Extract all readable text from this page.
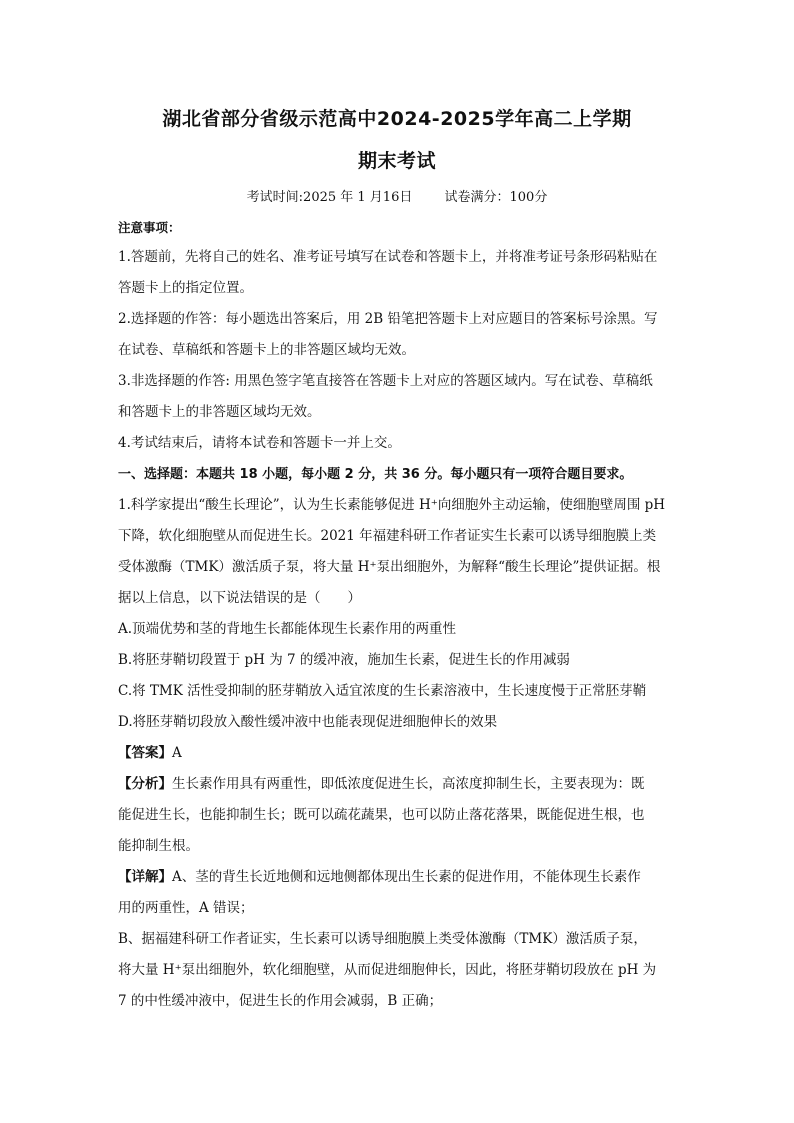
湖北省部分省级示范高中2024-2025学年高二上学期
期末考试
考试时间:2025 年 1 月16日 试卷满分：100分
注意事项：
1.答题前，先将自己的姓名、准考证号填写在试卷和答题卡上，并将准考证号条形码粘贴在
答题卡上的指定位置。
2.选择题的作答：每小题选出答案后，用 2B 铅笔把答题卡上对应题目的答案标号涂黑。写
在试卷、草稿纸和答题卡上的非答题区域均无效。
3.非选择题的作答: 用黑色签字笔直接答在答题卡上对应的答题区域内。写在试卷、草稿纸
和答题卡上的非答题区域均无效。
4.考试结束后，请将本试卷和答题卡一并上交。
一、选择题：本题共 18 小题，每小题 2 分，共 36 分。每小题只有一项符合题目要求。
1.科学家提出“酸生长理论”，认为生长素能够促进 H⁺向细胞外主动运输，使细胞壁周围 pH
下降，软化细胞壁从而促进生长。2021 年福建科研工作者证实生长素可以诱导细胞膜上类
受体激酶（TMK）激活质子泵，将大量 H⁺泵出细胞外，为解释“酸生长理论”提供证据。根
据以上信息，以下说法错误的是（　　）
A.顶端优势和茎的背地生长都能体现生长素作用的两重性
B.将胚芽鞘切段置于 pH 为 7 的缓冲液，施加生长素，促进生长的作用减弱
C.将 TMK 活性受抑制的胚芽鞘放入适宜浓度的生长素溶液中，生长速度慢于正常胚芽鞘
D.将胚芽鞘切段放入酸性缓冲液中也能表现促进细胞伸长的效果
【答案】A
【分析】生长素作用具有两重性，即低浓度促进生长，高浓度抑制生长，主要表现为：既
能促进生长，也能抑制生长；既可以疏花蔬果，也可以防止落花落果，既能促进生根，也
能抑制生根。
【详解】A、茎的背生长近地侧和远地侧都体现出生长素的促进作用，不能体现生长素作
用的两重性，A 错误；
B、据福建科研工作者证实，生长素可以诱导细胞膜上类受体激酶（TMK）激活质子泵，
将大量 H⁺泵出细胞外，软化细胞壁，从而促进细胞伸长，因此，将胚芽鞘切段放在 pH 为
7 的中性缓冲液中，促进生长的作用会减弱，B 正确；
